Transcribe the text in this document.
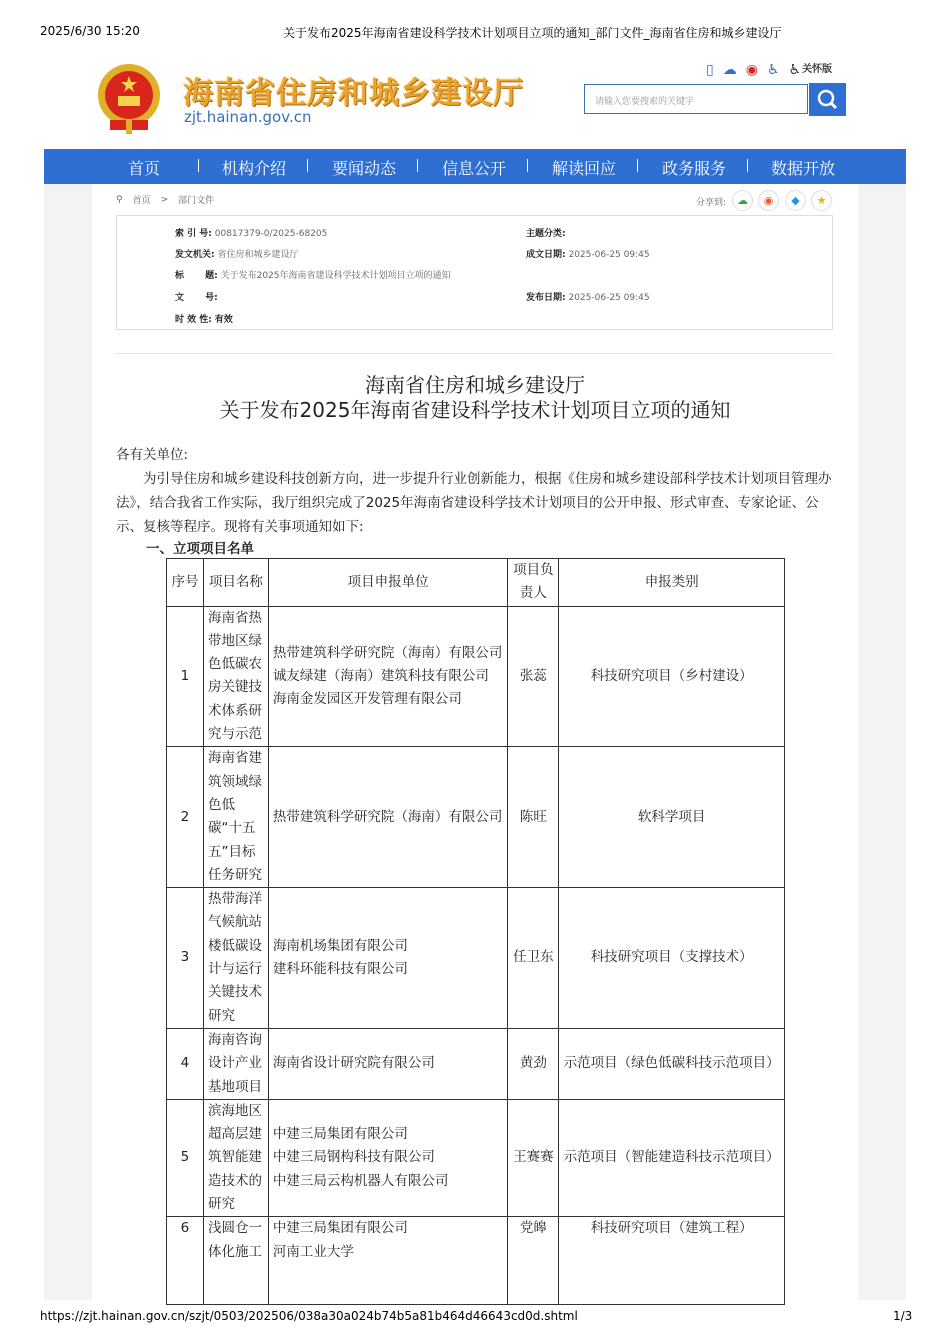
2025/6/30 15:20	关于发布2025年海南省建设科学技术计划项目立项的通知_部门文件_海南省住房和城乡建设厅
https://zjt.hainan.gov.cn/szjt/0503/202506/038a30a024b74b5a81b464d46643cd0d.shtml	1/3
海南省住房和城乡建设厅
zjt.hainan.gov.cn
▯ ☁ ◉ ♿ ♿ 关怀版
请输入您要搜索的关键字
首页	机构介绍	要闻动态	信息公开	解读回应	政务服务	数据开放
⚲ 首页 > 部门文件	分享到: ☁	◉	◆	★
索 引 号: 00817379-0/2025-68205	主题分类:
发文机关: 省住房和城乡建设厅	成文日期: 2025-06-25 09:45
标 题: 关于发布2025年海南省建设科学技术计划项目立项的通知
文 号:	发布日期: 2025-06-25 09:45
时 效 性: 有效
海南省住房和城乡建设厅
关于发布2025年海南省建设科学技术计划项目立项的通知
各有关单位:
为引导住房和城乡建设科技创新方向，进一步提升行业创新能力，根据《住房和城乡建设部科学技术计划项目管理办法》，结合我省工作实际，我厅组织完成了2025年海南省建设科学技术计划项目的公开申报、形式审查、专家论证、公示、复核等程序。现将有关事项通知如下:
一、立项项目名单
序号	项目名称	项目申报单位	项目负责人	申报类别
1	海南省热带地区绿色低碳农房关键技术体系研究与示范	热带建筑科学研究院（海南）有限公司
诚友绿建（海南）建筑科技有限公司
海南金发园区开发管理有限公司	张蕊	科技研究项目（乡村建设）
2	海南省建筑领域绿色低碳“十五五”目标任务研究	热带建筑科学研究院（海南）有限公司	陈旺	软科学项目
3	热带海洋气候航站楼低碳设计与运行关键技术研究	海南机场集团有限公司
建科环能科技有限公司	任卫东	科技研究项目（支撑技术）
4	海南咨询设计产业基地项目	海南省设计研究院有限公司	黄劲	示范项目（绿色低碳科技示范项目）
5	滨海地区超高层建筑智能建造技术的研究	中建三局集团有限公司
中建三局钢构科技有限公司
中建三局云构机器人有限公司	王赛赛	示范项目（智能建造科技示范项目）
6	浅圆仓一体化施工	中建三局集团有限公司
河南工业大学	党皞	科技研究项目（建筑工程）
